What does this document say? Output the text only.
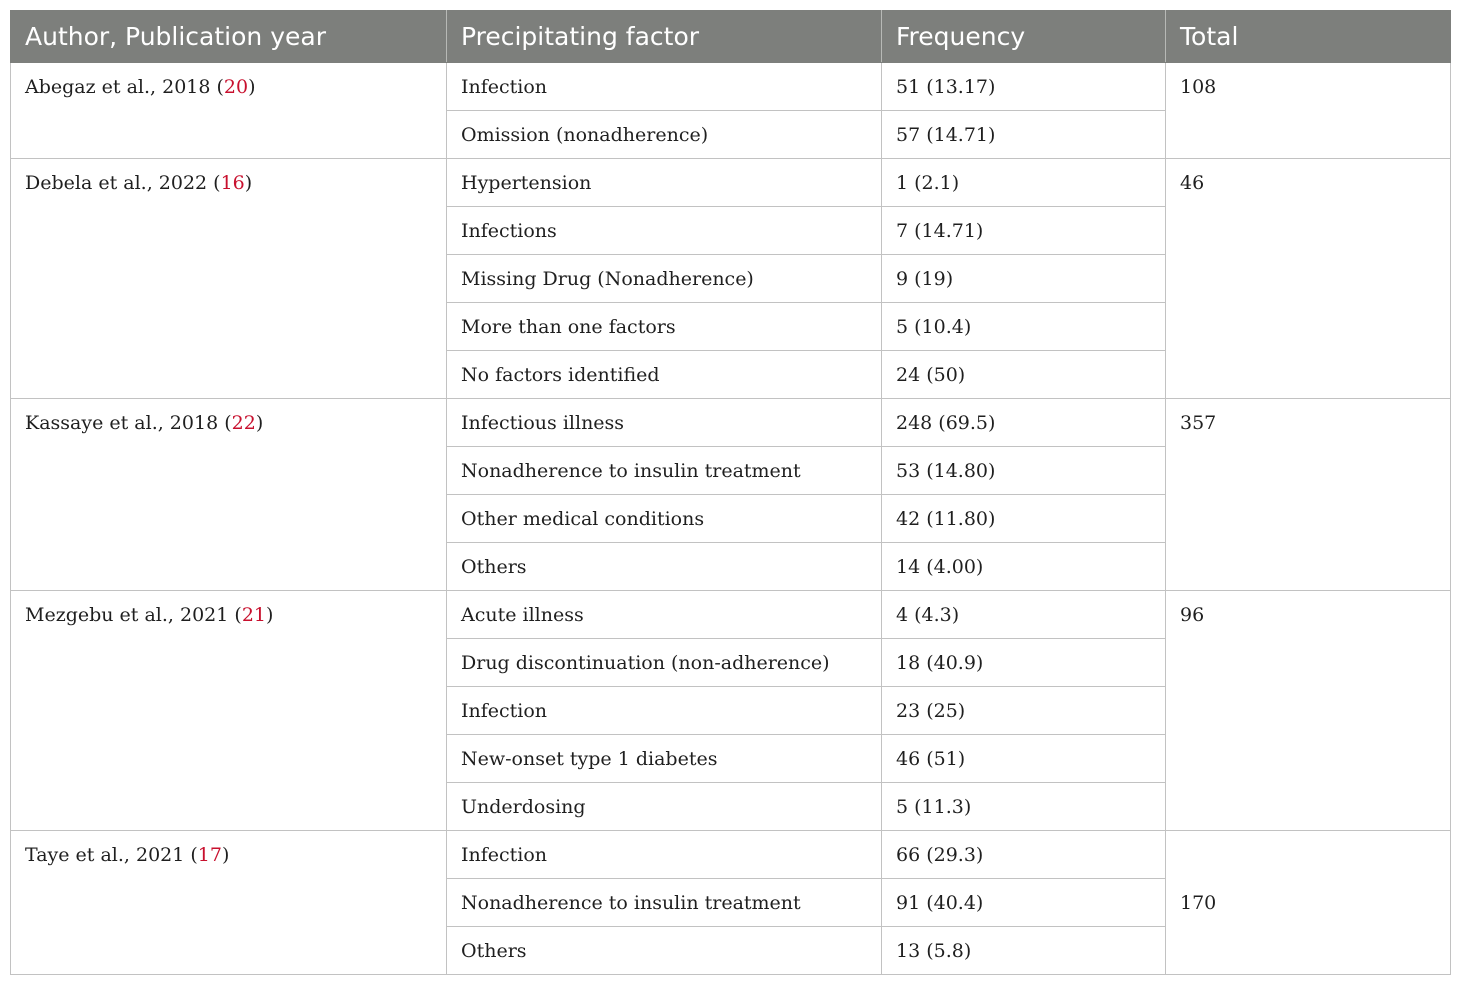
Author, Publication year	Precipitating factor	Frequency	Total
Abegaz et al., 2018 (20)	Infection	51 (13.17)	108
	Omission (nonadherence)	57 (14.71)	
Debela et al., 2022 (16)	Hypertension	1 (2.1)	46
	Infections	7 (14.71)	
	Missing Drug (Nonadherence)	9 (19)	
	More than one factors	5 (10.4)	
	No factors identified	24 (50)	
Kassaye et al., 2018 (22)	Infectious illness	248 (69.5)	357
	Nonadherence to insulin treatment	53 (14.80)	
	Other medical conditions	42 (11.80)	
	Others	14 (4.00)	
Mezgebu et al., 2021 (21)	Acute illness	4 (4.3)	96
	Drug discontinuation (non-adherence)	18 (40.9)	
	Infection	23 (25)	
	New-onset type 1 diabetes	46 (51)	
	Underdosing	5 (11.3)	
Taye et al., 2021 (17)	Infection	66 (29.3)	170
	Nonadherence to insulin treatment	91 (40.4)	
	Others	13 (5.8)	
